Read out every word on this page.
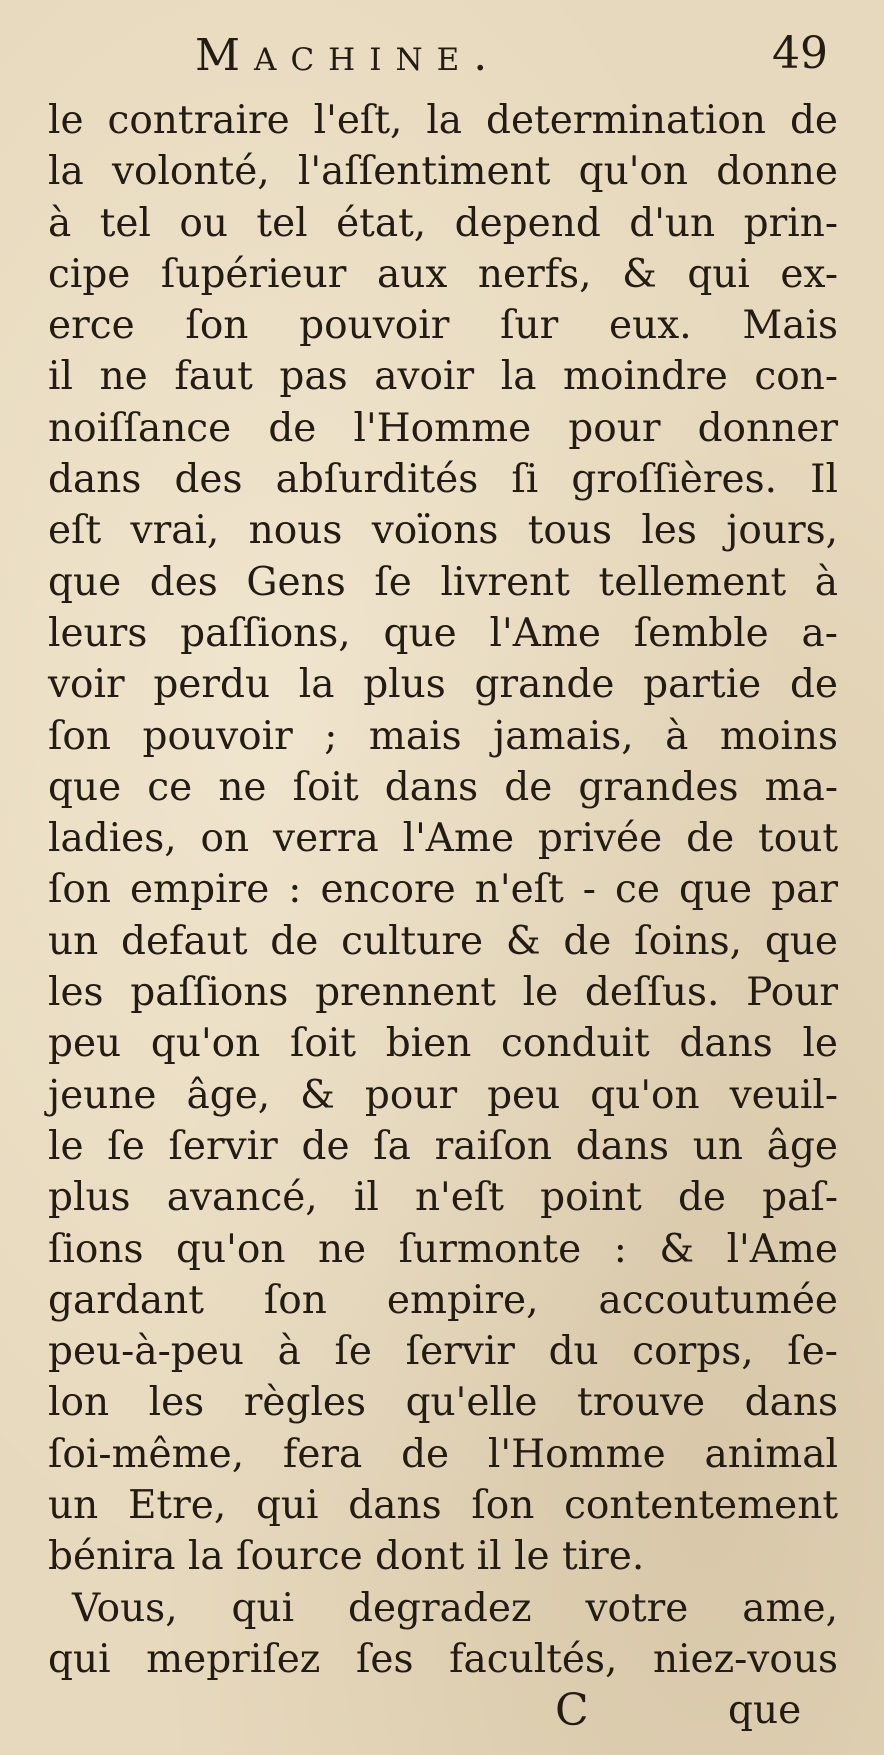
Machine.	49
le contraire l'eſt, la determination de
la volonté, l'aſſentiment qu'on donne
à tel ou tel état, depend d'un prin-
cipe ſupérieur aux nerfs, & qui ex-
erce ſon pouvoir ſur eux. Mais
il ne faut pas avoir la moindre con-
noiſſance de l'Homme pour donner
dans des abſurdités ſi groſſières. Il
eſt vrai, nous voïons tous les jours,
que des Gens ſe livrent tellement à
leurs paſſions, que l'Ame ſemble a-
voir perdu la plus grande partie de
ſon pouvoir ; mais jamais, à moins
que ce ne ſoit dans de grandes ma-
ladies, on verra l'Ame privée de tout
ſon empire : encore n'eſt - ce que par
un defaut de culture & de ſoins, que
les paſſions prennent le deſſus. Pour
peu qu'on ſoit bien conduit dans le
jeune âge, & pour peu qu'on veuil-
le ſe ſervir de ſa raiſon dans un âge
plus avancé, il n'eſt point de paſ-
ſions qu'on ne ſurmonte : & l'Ame
gardant ſon empire, accoutumée
peu-à-peu à ſe ſervir du corps, ſe-
lon les règles qu'elle trouve dans
ſoi-même, fera de l'Homme animal
un Etre, qui dans ſon contentement
bénira la ſource dont il le tire.
Vous, qui degradez votre ame,
qui mepriſez ſes facultés, niez-vous
C	que
